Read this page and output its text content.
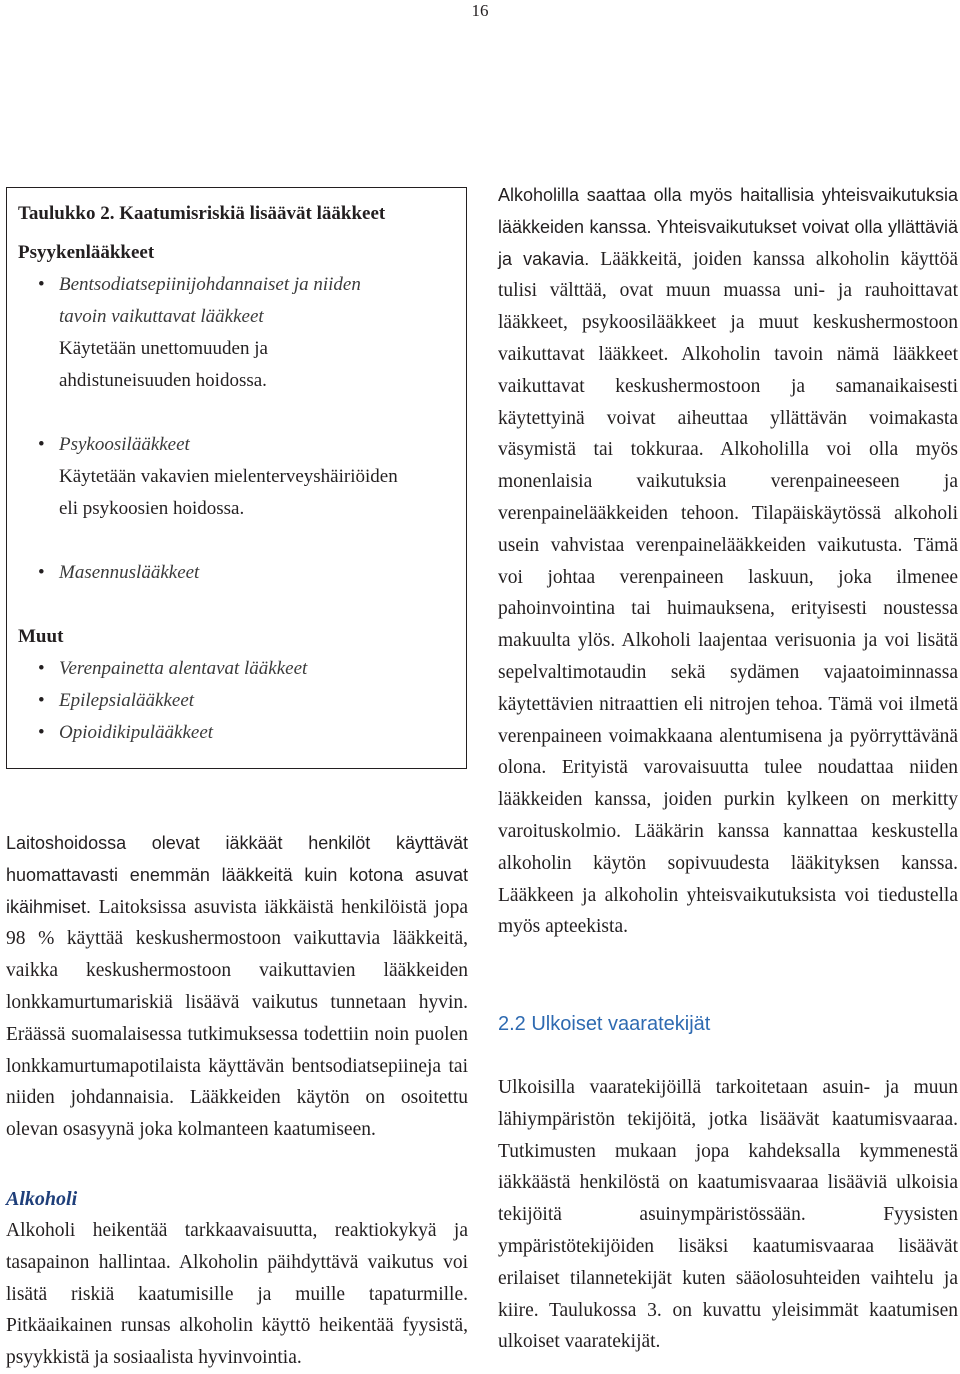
16

Taulukko 2. Kaatumisriskiä lisäävät lääkkeet

Psyykenlääkkeet

• Bentsodiatsepiinijohdannaiset ja niiden

tavoin vaikuttavat lääkkeet

Käytetään unettomuuden ja

ahdistuneisuuden hoidossa.

• Psykoosilääkkeet

Käytetään vakavien mielenterveyshäiriöiden

eli psykoosien hoidossa.

• Masennuslääkkeet

Muut

• Verenpainetta alentavat lääkkeet

• Epilepsialääkkeet

• Opioidikipulääkkeet

Laitoshoidossa olevat iäkkäät henkilöt käyttävät huomattavasti enemmän lääkkeitä kuin kotona asuvat ikäihmiset. Laitoksissa asuvista iäkkäistä henkilöistä jopa 98 % käyttää keskushermostoon vaikuttavia lääkkeitä, vaikka keskushermostoon vaikuttavien lääkkeiden lonkkamurtumariskiä lisäävä vaikutus tunnetaan hyvin. Eräässä suomalaisessa tutkimuksessa todettiin noin puolen lonkkamurtumapotilaista käyttävän bentsodiatsepiineja tai niiden johdannaisia. Lääkkeiden käytön on osoitettu olevan osasyynä joka kolmanteen kaatumiseen.

Alkoholi
Alkoholi heikentää tarkkaavaisuutta, reaktiokykyä ja tasapainon hallintaa. Alkoholin päihdyttävä vaikutus voi lisätä riskiä kaatumisille ja muille tapaturmille. Pitkäaikainen runsas alkoholin käyttö heikentää fyysistä, psyykkistä ja sosiaalista hyvinvointia.

Alkoholilla saattaa olla myös haitallisia yhteisvaikutuksia lääkkeiden kanssa. Yhteisvaikutukset voivat olla yllättäviä ja vakavia. Lääkkeitä, joiden kanssa alkoholin käyttöä tulisi välttää, ovat muun muassa uni- ja rauhoittavat lääkkeet, psykoosilääkkeet ja muut keskushermostoon vaikuttavat lääkkeet. Alkoholin tavoin nämä lääkkeet vaikuttavat keskushermostoon ja samanaikaisesti käytettyinä voivat aiheuttaa yllättävän voimakasta väsymistä tai tokkuraa. Alkoholilla voi olla myös monenlaisia vaikutuksia verenpaineeseen ja verenpainelääkkeiden tehoon. Tilapäiskäytössä alkoholi usein vahvistaa verenpainelääkkeiden vaikutusta. Tämä voi johtaa verenpaineen laskuun, joka ilmenee pahoinvointina tai huimauksena, erityisesti noustessa makuulta ylös. Alkoholi laajentaa verisuonia ja voi lisätä sepelvaltimotaudin sekä sydämen vajaatoiminnassa käytettävien nitraattien eli nitrojen tehoa. Tämä voi ilmetä verenpaineen voimakkaana alentumisena ja pyörryttävänä olona. Erityistä varovaisuutta tulee noudattaa niiden lääkkeiden kanssa, joiden purkin kylkeen on merkitty varoituskolmio. Lääkärin kanssa kannattaa keskustella alkoholin käytön sopivuudesta lääkityksen kanssa. Lääkkeen ja alkoholin yhteisvaikutuksista voi tiedustella myös apteekista.

2.2 Ulkoiset vaaratekijät
Ulkoisilla vaaratekijöillä tarkoitetaan asuin- ja muun lähiympäristön tekijöitä, jotka lisäävät kaatumisvaaraa. Tutkimusten mukaan jopa kahdeksalla kymmenestä iäkkäästä henkilöstä on kaatumisvaaraa lisääviä ulkoisia tekijöitä asuinympäristössään. Fyysisten ympäristötekijöiden lisäksi kaatumisvaaraa lisäävät erilaiset tilannetekijät kuten sääolosuhteiden vaihtelu ja kiire. Taulukossa 3. on kuvattu yleisimmät kaatumisen ulkoiset vaaratekijät.
